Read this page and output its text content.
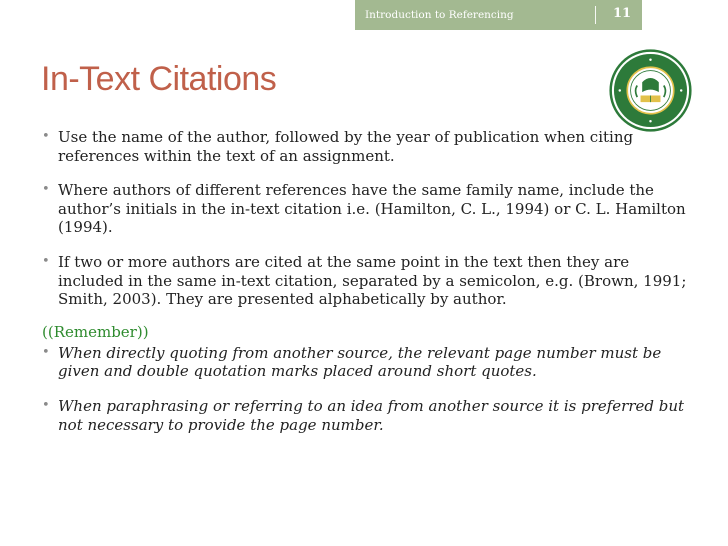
Introduction to Referencing	11
In-Text Citations
• Use the name of the author, followed by the year of publication when citing references within the text of an assignment.
• Where authors of different references have the same family name, include the author’s initials in the in-text citation i.e. (Hamilton, C. L., 1994) or C. L. Hamilton (1994).
• If two or more authors are cited at the same point in the text then they are included in the same in-text citation, separated by a semicolon, e.g. (Brown, 1991; Smith, 2003). They are presented alphabetically by author.
((Remember))
• When directly quoting from another source, the relevant page number must be given and double quotation marks placed around short quotes.
• When paraphrasing or referring to an idea from another source it is preferred but not necessary to provide the page number.
